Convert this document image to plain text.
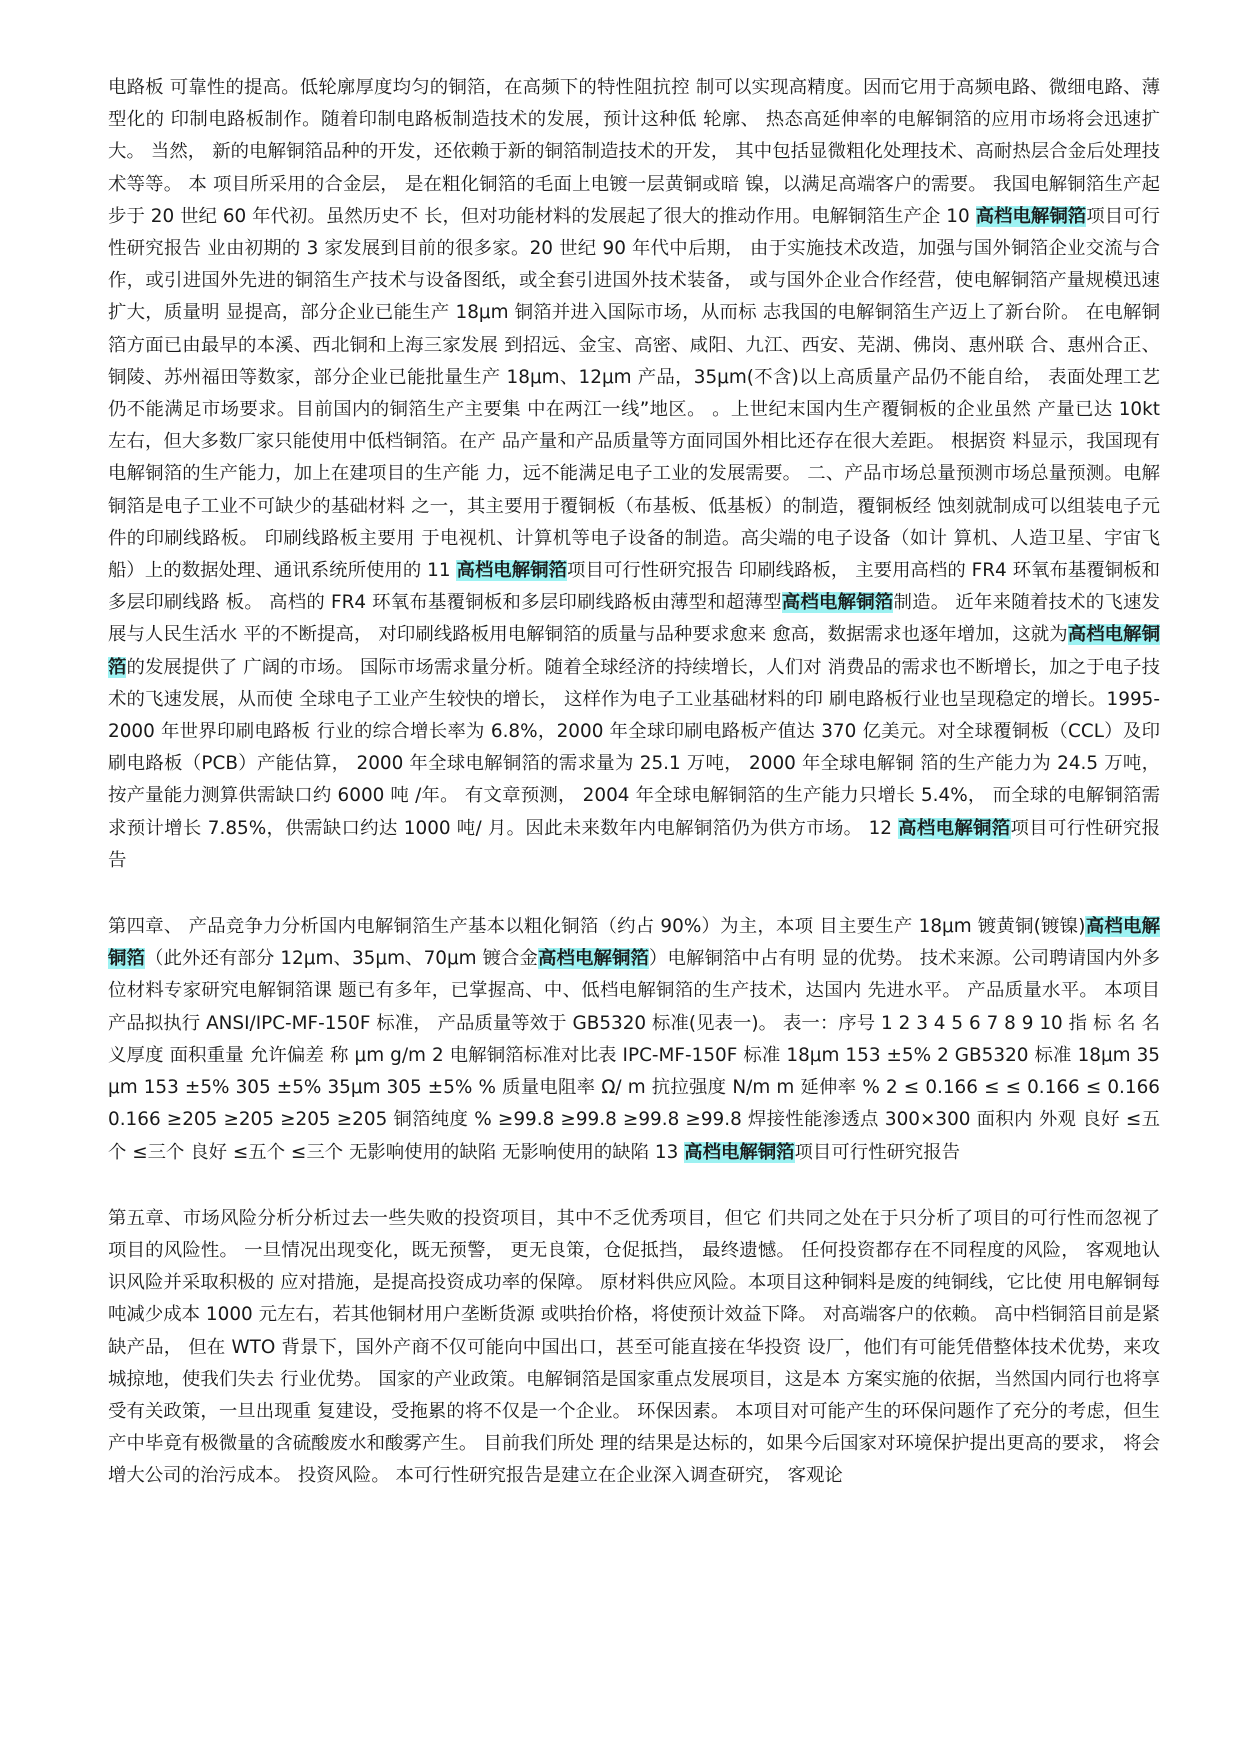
电路板 可靠性的提高。低轮廓厚度均匀的铜箔，在高频下的特性阻抗控 制可以实现高精度。因而它用于高频电路、微细电路、薄型化的 印制电路板制作。随着印制电路板制造技术的发展，预计这种低 轮廓、 热态高延伸率的电解铜箔的应用市场将会迅速扩大。 当然， 新的电解铜箔品种的开发，还依赖于新的铜箔制造技术的开发， 其中包括显微粗化处理技术、高耐热层合金后处理技术等等。 本 项目所采用的合金层， 是在粗化铜箔的毛面上电镀一层黄铜或暗 镍，以满足高端客户的需要。 我国电解铜箔生产起步于 20 世纪 60 年代初。虽然历史不 长，但对功能材料的发展起了很大的推动作用。电解铜箔生产企 10 高档电解铜箔项目可行性研究报告 业由初期的 3 家发展到目前的很多家。20 世纪 90 年代中后期， 由于实施技术改造，加强与国外铜箔企业交流与合作，或引进国外先进的铜箔生产技术与设备图纸，或全套引进国外技术装备， 或与国外企业合作经营，使电解铜箔产量规模迅速扩大，质量明 显提高，部分企业已能生产 18μm 铜箔并进入国际市场，从而标 志我国的电解铜箔生产迈上了新台阶。 在电解铜箔方面已由最早的本溪、西北铜和上海三家发展 到招远、金宝、高密、咸阳、九江、西安、芜湖、佛岗、惠州联 合、惠州合正、铜陵、苏州福田等数家，部分企业已能批量生产 18μm、12μm 产品，35μm(不含)以上高质量产品仍不能自给， 表面处理工艺仍不能满足市场要求。目前国内的铜箔生产主要集 中在两江一线”地区。 。上世纪末国内生产覆铜板的企业虽然 产量已达 10kt 左右，但大多数厂家只能使用中低档铜箔。在产 品产量和产品质量等方面同国外相比还存在很大差距。 根据资 料显示，我国现有电解铜箔的生产能力，加上在建项目的生产能 力，远不能满足电子工业的发展需要。 二、产品市场总量预测市场总量预测。电解铜箔是电子工业不可缺少的基础材料 之一，其主要用于覆铜板（布基板、低基板）的制造，覆铜板经 蚀刻就制成可以组装电子元件的印刷线路板。 印刷线路板主要用 于电视机、计算机等电子设备的制造。高尖端的电子设备（如计 算机、人造卫星、宇宙飞船）上的数据处理、通讯系统所使用的 11 高档电解铜箔项目可行性研究报告 印刷线路板， 主要用高档的 FR4 环氧布基覆铜板和多层印刷线路 板。 高档的 FR4 环氧布基覆铜板和多层印刷线路板由薄型和超薄型高档电解铜箔制造。 近年来随着技术的飞速发展与人民生活水 平的不断提高， 对印刷线路板用电解铜箔的质量与品种要求愈来 愈高，数据需求也逐年增加，这就为高档电解铜箔的发展提供了 广阔的市场。 国际市场需求量分析。随着全球经济的持续增长，人们对 消费品的需求也不断增长，加之于电子技术的飞速发展，从而使 全球电子工业产生较快的增长， 这样作为电子工业基础材料的印 刷电路板行业也呈现稳定的增长。1995-2000 年世界印刷电路板 行业的综合增长率为 6.8%，2000 年全球印刷电路板产值达 370 亿美元。对全球覆铜板（CCL）及印刷电路板（PCB）产能估算， 2000 年全球电解铜箔的需求量为 25.1 万吨， 2000 年全球电解铜 箔的生产能力为 24.5 万吨， 按产量能力测算供需缺口约 6000 吨 /年。 有文章预测， 2004 年全球电解铜箔的生产能力只增长 5.4%， 而全球的电解铜箔需求预计增长 7.85%，供需缺口约达 1000 吨/ 月。因此未来数年内电解铜箔仍为供方市场。 12 高档电解铜箔项目可行性研究报告

第四章、 产品竞争力分析国内电解铜箔生产基本以粗化铜箔（约占 90%）为主，本项 目主要生产 18μm 镀黄铜(镀镍)高档电解铜箔（此外还有部分 12μm、35μm、70μm 镀合金高档电解铜箔）电解铜箔中占有明 显的优势。 技术来源。公司聘请国内外多位材料专家研究电解铜箔课 题已有多年，已掌握高、中、低档电解铜箔的生产技术，达国内 先进水平。 产品质量水平。 本项目产品拟执行 ANSI/IPC-MF-150F 标准， 产品质量等效于 GB5320 标准(见表一)。 表一：序号 1 2 3 4 5 6 7 8 9 10 指 标 名 名义厚度 面积重量 允许偏差 称 μm g/m 2 电解铜箔标准对比表 IPC-MF-150F 标准 18μm 153 ±5% 2 GB5320 标准 18μm 35μm 153 ±5% 305 ±5% 35μm 305 ±5% % 质量电阻率 Ω/ m 抗拉强度 N/m m 延伸率 % 2 ≤ 0.166 ≤ ≤ 0.166 ≤ 0.166 0.166 ≥205 ≥205 ≥205 ≥205 铜箔纯度 % ≥99.8 ≥99.8 ≥99.8 ≥99.8 焊接性能渗透点 300×300 面积内 外观 良好 ≤五个 ≤三个 良好 ≤五个 ≤三个 无影响使用的缺陷 无影响使用的缺陷 13 高档电解铜箔项目可行性研究报告

第五章、市场风险分析分析过去一些失败的投资项目，其中不乏优秀项目，但它 们共同之处在于只分析了项目的可行性而忽视了项目的风险性。 一旦情况出现变化，既无预警， 更无良策，仓促抵挡， 最终遗憾。 任何投资都存在不同程度的风险， 客观地认识风险并采取积极的 应对措施，是提高投资成功率的保障。 原材料供应风险。本项目这种铜料是废的纯铜线，它比使 用电解铜每吨减少成本 1000 元左右，若其他铜材用户垄断货源 或哄抬价格，将使预计效益下降。 对高端客户的依赖。 高中档铜箔目前是紧缺产品， 但在 WTO 背景下，国外产商不仅可能向中国出口，甚至可能直接在华投资 设厂，他们有可能凭借整体技术优势，来攻城掠地，使我们失去 行业优势。 国家的产业政策。电解铜箔是国家重点发展项目，这是本 方案实施的依据，当然国内同行也将享受有关政策，一旦出现重 复建设，受拖累的将不仅是一个企业。 环保因素。 本项目对可能产生的环保问题作了充分的考虑，但生产中毕竟有极微量的含硫酸废水和酸雾产生。 目前我们所处 理的结果是达标的，如果今后国家对环境保护提出更高的要求， 将会增大公司的治污成本。 投资风险。 本可行性研究报告是建立在企业深入调查研究， 客观论
